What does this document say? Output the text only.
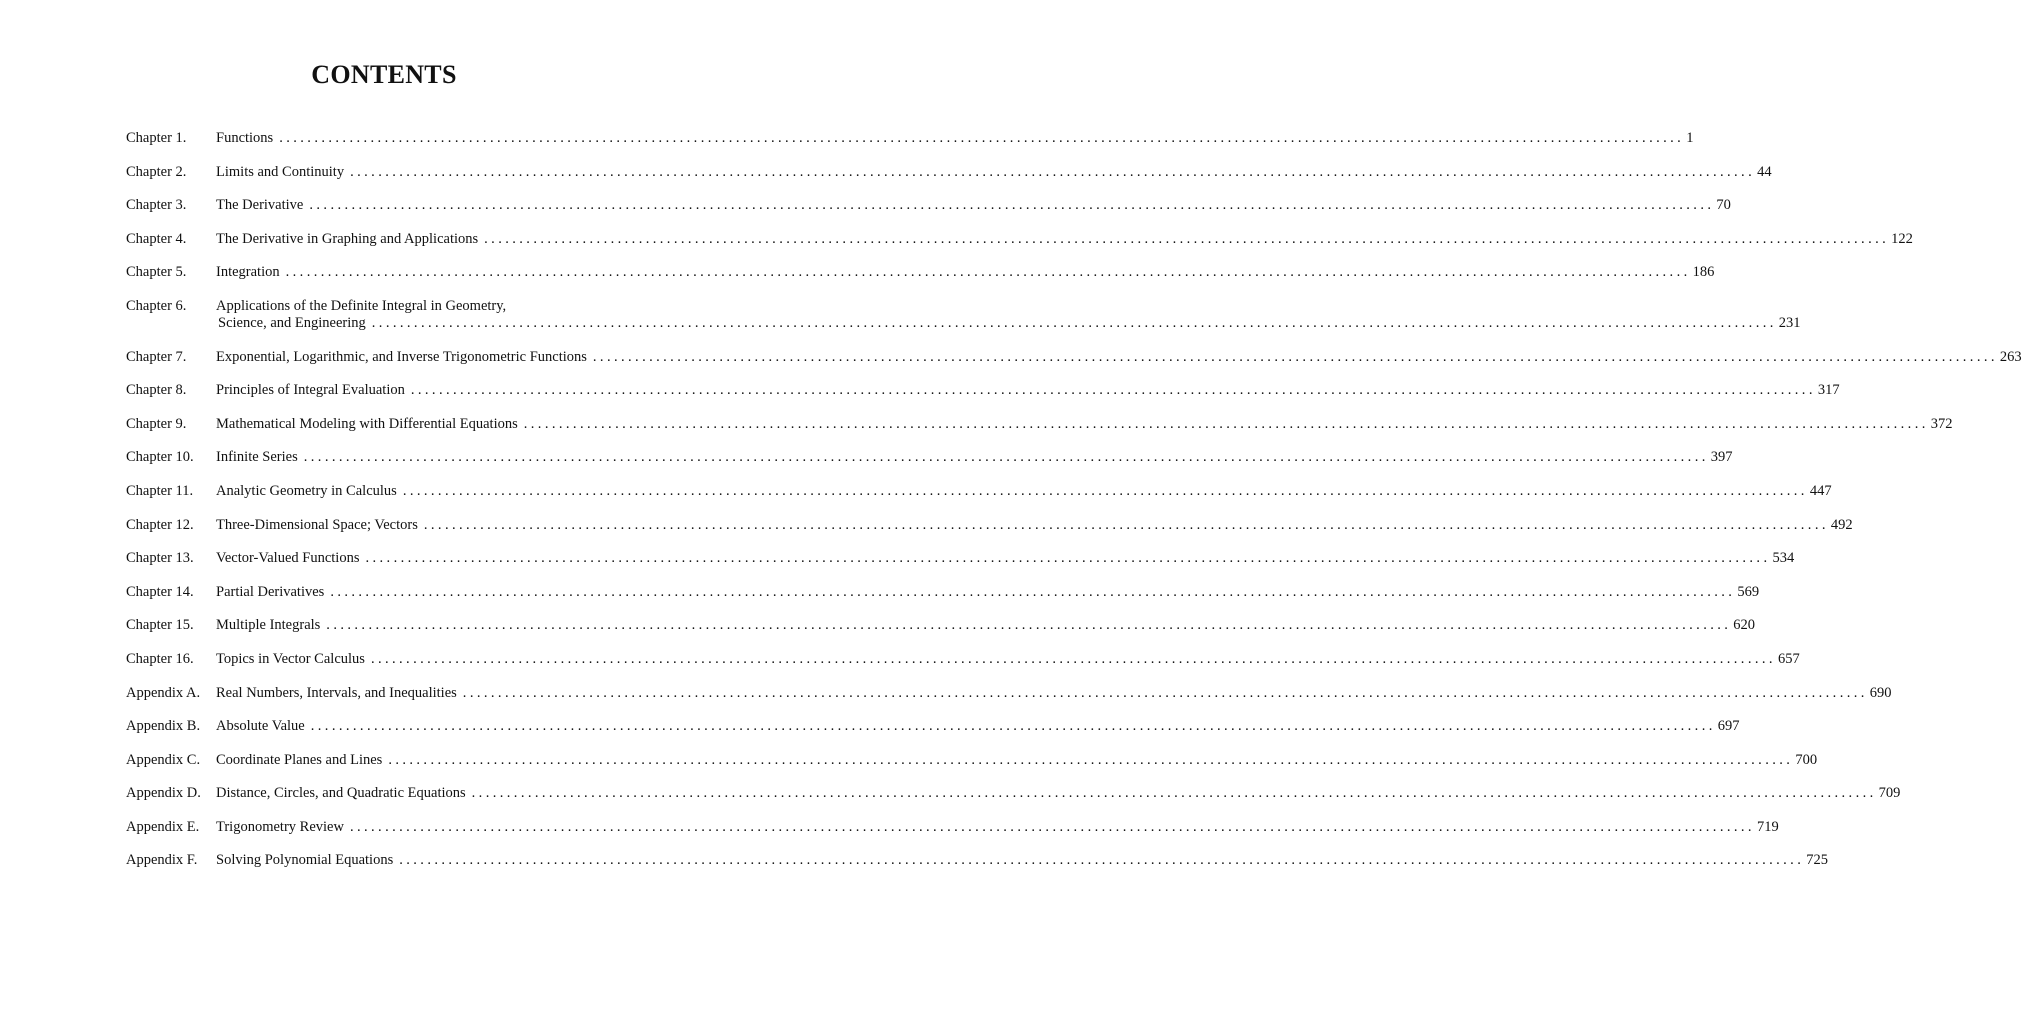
CONTENTS
Chapter 1.	Functions ........................................................................................................................................................................................................ 1
Chapter 2.	Limits and Continuity ........................................................................................................................................................................................................ 44
Chapter 3.	The Derivative ........................................................................................................................................................................................................ 70
Chapter 4.	The Derivative in Graphing and Applications ........................................................................................................................................................................................................ 122
Chapter 5.	Integration ........................................................................................................................................................................................................ 186
Chapter 6.	Applications of the Definite Integral in Geometry,
Science, and Engineering ........................................................................................................................................................................................................ 231
Chapter 7.	Exponential, Logarithmic, and Inverse Trigonometric Functions ........................................................................................................................................................................................................ 263
Chapter 8.	Principles of Integral Evaluation ........................................................................................................................................................................................................ 317
Chapter 9.	Mathematical Modeling with Differential Equations ........................................................................................................................................................................................................ 372
Chapter 10.	Infinite Series ........................................................................................................................................................................................................ 397
Chapter 11.	Analytic Geometry in Calculus ........................................................................................................................................................................................................ 447
Chapter 12.	Three-Dimensional Space; Vectors ........................................................................................................................................................................................................ 492
Chapter 13.	Vector-Valued Functions ........................................................................................................................................................................................................ 534
Chapter 14.	Partial Derivatives ........................................................................................................................................................................................................ 569
Chapter 15.	Multiple Integrals ........................................................................................................................................................................................................ 620
Chapter 16.	Topics in Vector Calculus ........................................................................................................................................................................................................ 657
Appendix A.	Real Numbers, Intervals, and Inequalities ........................................................................................................................................................................................................ 690
Appendix B.	Absolute Value ........................................................................................................................................................................................................ 697
Appendix C.	Coordinate Planes and Lines ........................................................................................................................................................................................................ 700
Appendix D.	Distance, Circles, and Quadratic Equations ........................................................................................................................................................................................................ 709
Appendix E.	Trigonometry Review ........................................................................................................................................................................................................ 719
Appendix F.	Solving Polynomial Equations ........................................................................................................................................................................................................ 725
